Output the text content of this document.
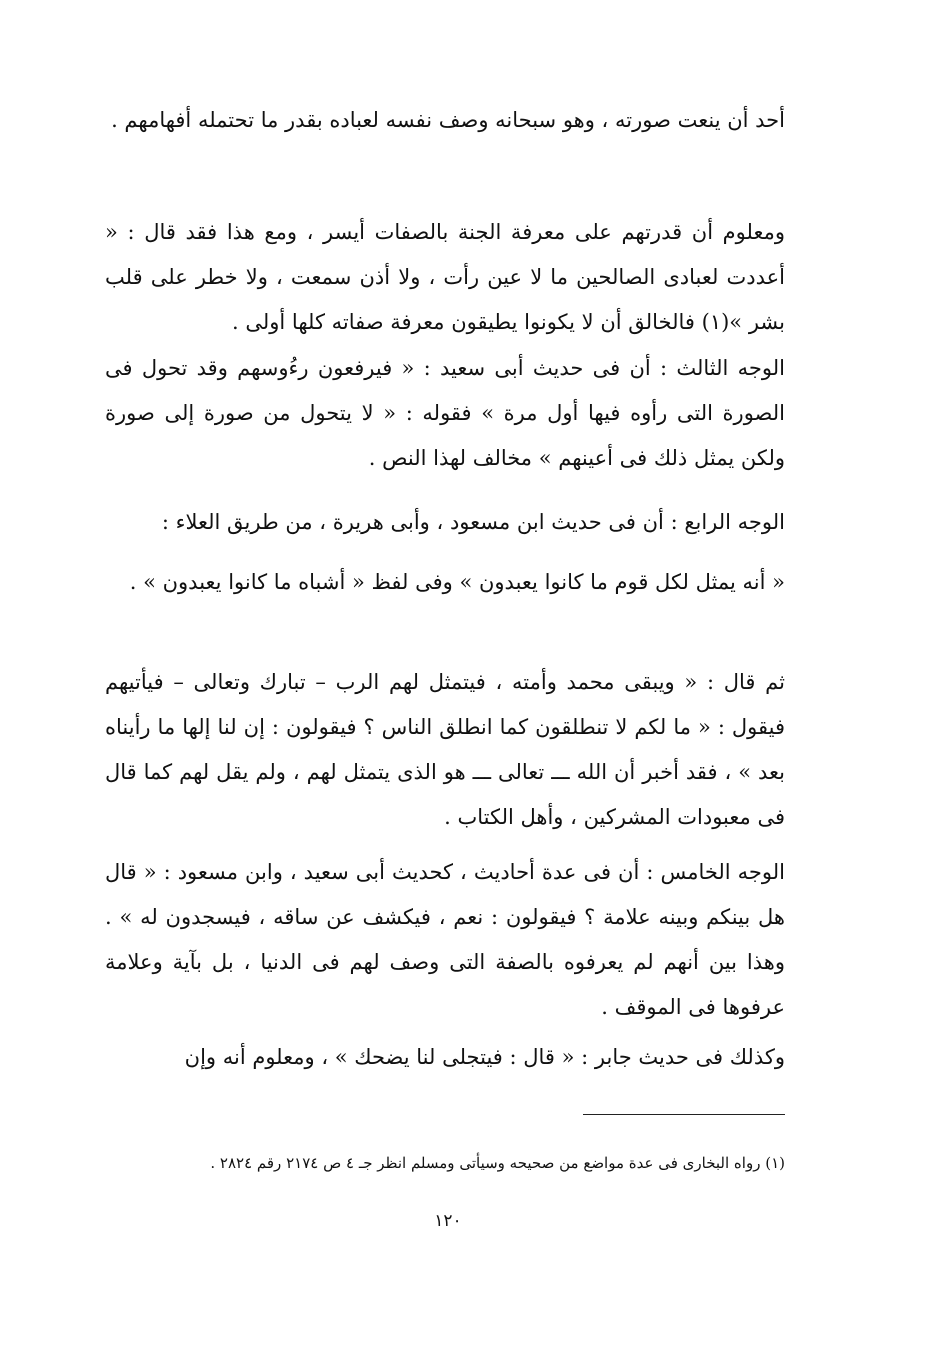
أحد أن ينعت صورته ، وهو سبحانه وصف نفسه لعباده بقدر ما تحتمله أفهامهم .

ومعلوم أن قدرتهم على معرفة الجنة بالصفات أيسر ، ومع هذا فقد قال : « أعددت لعبادى الصالحين ما لا عين رأت ، ولا أذن سمعت ، ولا خطر على قلب بشر »(١) فالخالق أن لا يكونوا يطيقون معرفة صفاته كلها أولى .

الوجه الثالث : أن فى حديث أبى سعيد : « فيرفعون رءُوسهم وقد تحول فى الصورة التى رأوه فيها أول مرة » فقوله : « لا يتحول من صورة إلى صورة ولكن يمثل ذلك فى أعينهم » مخالف لهذا النص .

الوجه الرابع : أن فى حديث ابن مسعود ، وأبى هريرة ، من طريق العلاء :

« أنه يمثل لكل قوم ما كانوا يعبدون » وفى لفظ « أشباه ما كانوا يعبدون » .

ثم قال : « ويبقى محمد وأمته ، فيتمثل لهم الرب – تبارك وتعالى – فيأتيهم فيقول : « ما لكم لا تنطلقون كما انطلق الناس ؟ فيقولون : إن لنا إلها ما رأيناه بعد » ، فقد أخبر أن الله ـــ تعالى ـــ هو الذى يتمثل لهم ، ولم يقل لهم كما قال فى معبودات المشركين ، وأهل الكتاب .

الوجه الخامس : أن فى عدة أحاديث ، كحديث أبى سعيد ، وابن مسعود : « قال هل بينكم وبينه علامة ؟ فيقولون : نعم ، فيكشف عن ساقه ، فيسجدون له » . وهذا بين أنهم لم يعرفوه بالصفة التى وصف لهم فى الدنيا ، بل بآية وعلامة عرفوها فى الموقف .

وكذلك فى حديث جابر : « قال : فيتجلى لنا يضحك » ، ومعلوم أنه وإن

(١) رواه البخارى فى عدة مواضع من صحيحه وسيأتى ومسلم انظر جـ ٤ ص ٢١٧٤ رقم ٢٨٢٤ .
١٢٠
